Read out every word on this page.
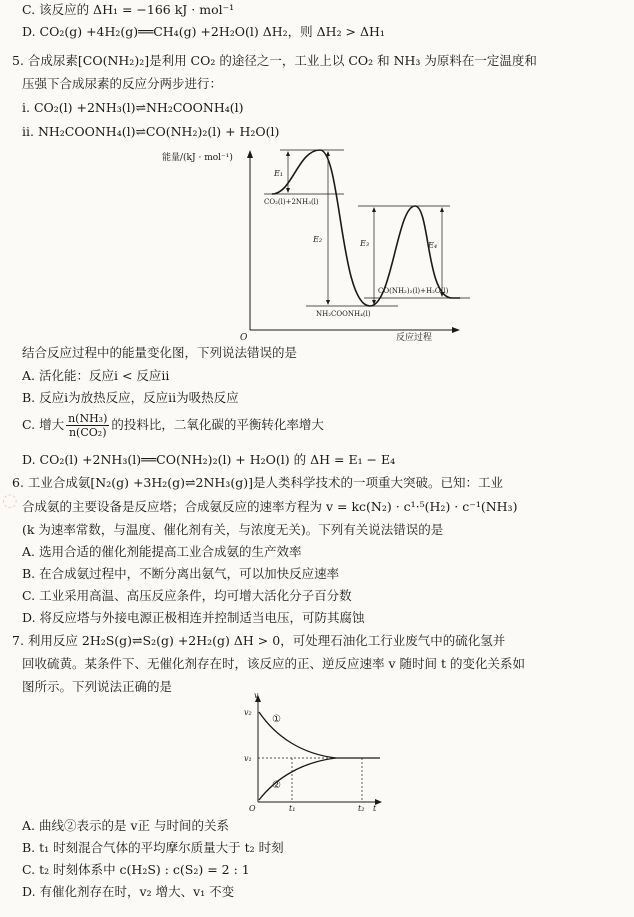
C. 该反应的 ΔH₁ = −166 kJ · mol⁻¹
D. CO₂(g) +4H₂(g)══CH₄(g) +2H₂O(l) ΔH₂，则 ΔH₂ > ΔH₁
5. 合成尿素[CO(NH₂)₂]是利用 CO₂ 的途径之一，工业上以 CO₂ 和 NH₃ 为原料在一定温度和
压强下合成尿素的反应分两步进行：
ⅰ. CO₂(l) +2NH₃(l)⇌NH₂COONH₄(l)
ⅱ. NH₂COONH₄(l)⇌CO(NH₂)₂(l) + H₂O(l)
能量/(kJ · mol⁻¹)
反应过程
O
E₁
E₂	E₃	E₄
CO₂(l)+2NH₃(l)
NH₂COONH₄(l)
CO(NH₂)₂(l)+H₂O(l)
结合反应过程中的能量变化图，下列说法错误的是
A. 活化能：反应ⅰ < 反应ⅱ
B. 反应ⅰ为放热反应，反应ⅱ为吸热反应
C. 增大 $\frac{\text{n(NH₃)}}{\text{n(CO₂)}}$ 的投料比，二氧化碳的平衡转化率增大
D. CO₂(l) +2NH₃(l)══CO(NH₂)₂(l) + H₂O(l) 的 ΔH = E₁ − E₄
6. 工业合成氨[N₂(g) +3H₂(g)⇌2NH₃(g)]是人类科学技术的一项重大突破。已知：工业
合成氨的主要设备是反应塔；合成氨反应的速率方程为 v = kc(N₂) · c¹·⁵(H₂) · c⁻¹(NH₃)
(k 为速率常数，与温度、催化剂有关，与浓度无关)。下列有关说法错误的是
A. 选用合适的催化剂能提高工业合成氨的生产效率
B. 在合成氨过程中，不断分离出氨气，可以加快反应速率
C. 工业采用高温、高压反应条件，均可增大活化分子百分数
D. 将反应塔与外接电源正极相连并控制适当电压，可防其腐蚀
7. 利用反应 2H₂S(g)⇌S₂(g) +2H₂(g) ΔH > 0，可处理石油化工行业废气中的硫化氢并
回收硫黄。某条件下、无催化剂存在时，该反应的正、逆反应速率 v 随时间 t 的变化关系如
图所示。下列说法正确的是
v
t
O
v₂
v₁
t₁	t₂
①
②
A. 曲线②表示的是 v正 与时间的关系
B. t₁ 时刻混合气体的平均摩尔质量大于 t₂ 时刻
C. t₂ 时刻体系中 c(H₂S) : c(S₂) = 2 : 1
D. 有催化剂存在时，v₂ 增大、v₁ 不变
◌
